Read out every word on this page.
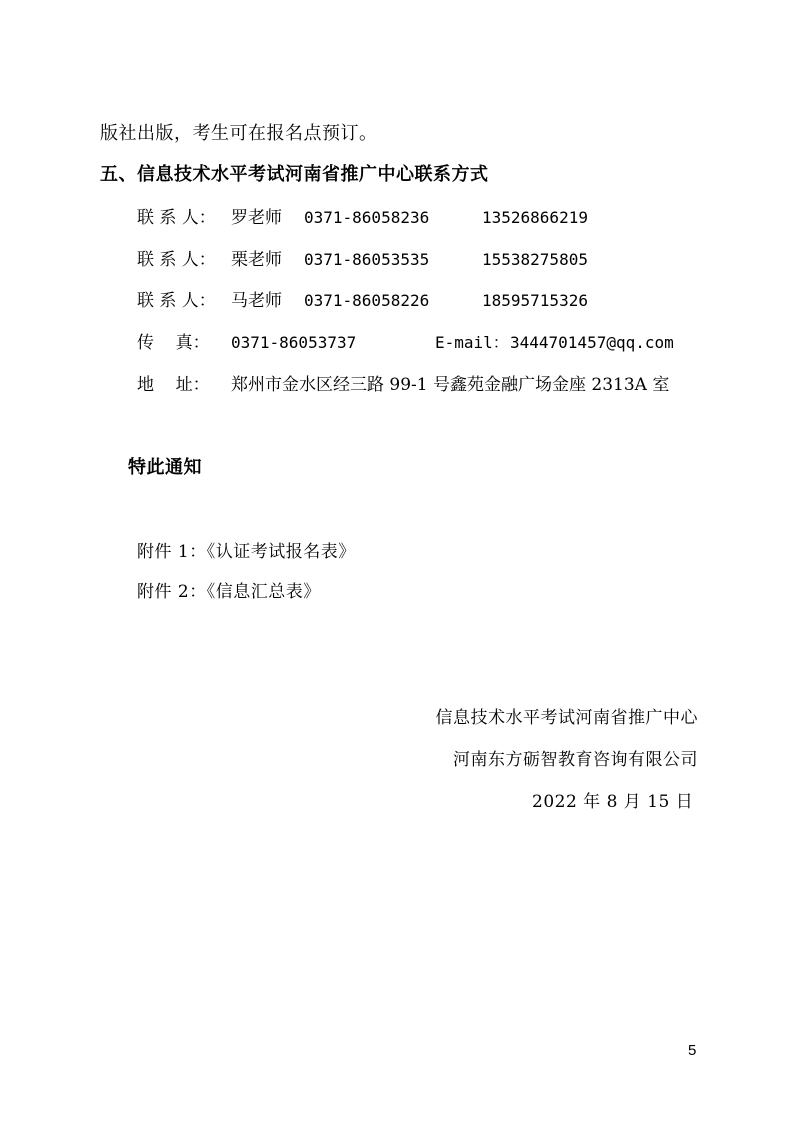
版社出版，考生可在报名点预订。
五、信息技术水平考试河南省推广中心联系方式
联 系 人： 罗老师 0371-86058236	13526866219
联 系 人： 栗老师 0371-86053535	15538275805
联 系 人： 马老师 0371-86058226	18595715326
传    真： 0371-86053737	E-mail： 3444701457@qq.com
地    址： 郑州市金水区经三路 99-1 号鑫苑金融广场金座 2313A 室
特此通知
附件 1：《认证考试报名表》
附件 2：《信息汇总表》
信息技术水平考试河南省推广中心
河南东方砺智教育咨询有限公司
2022 年 8 月 15 日
5
